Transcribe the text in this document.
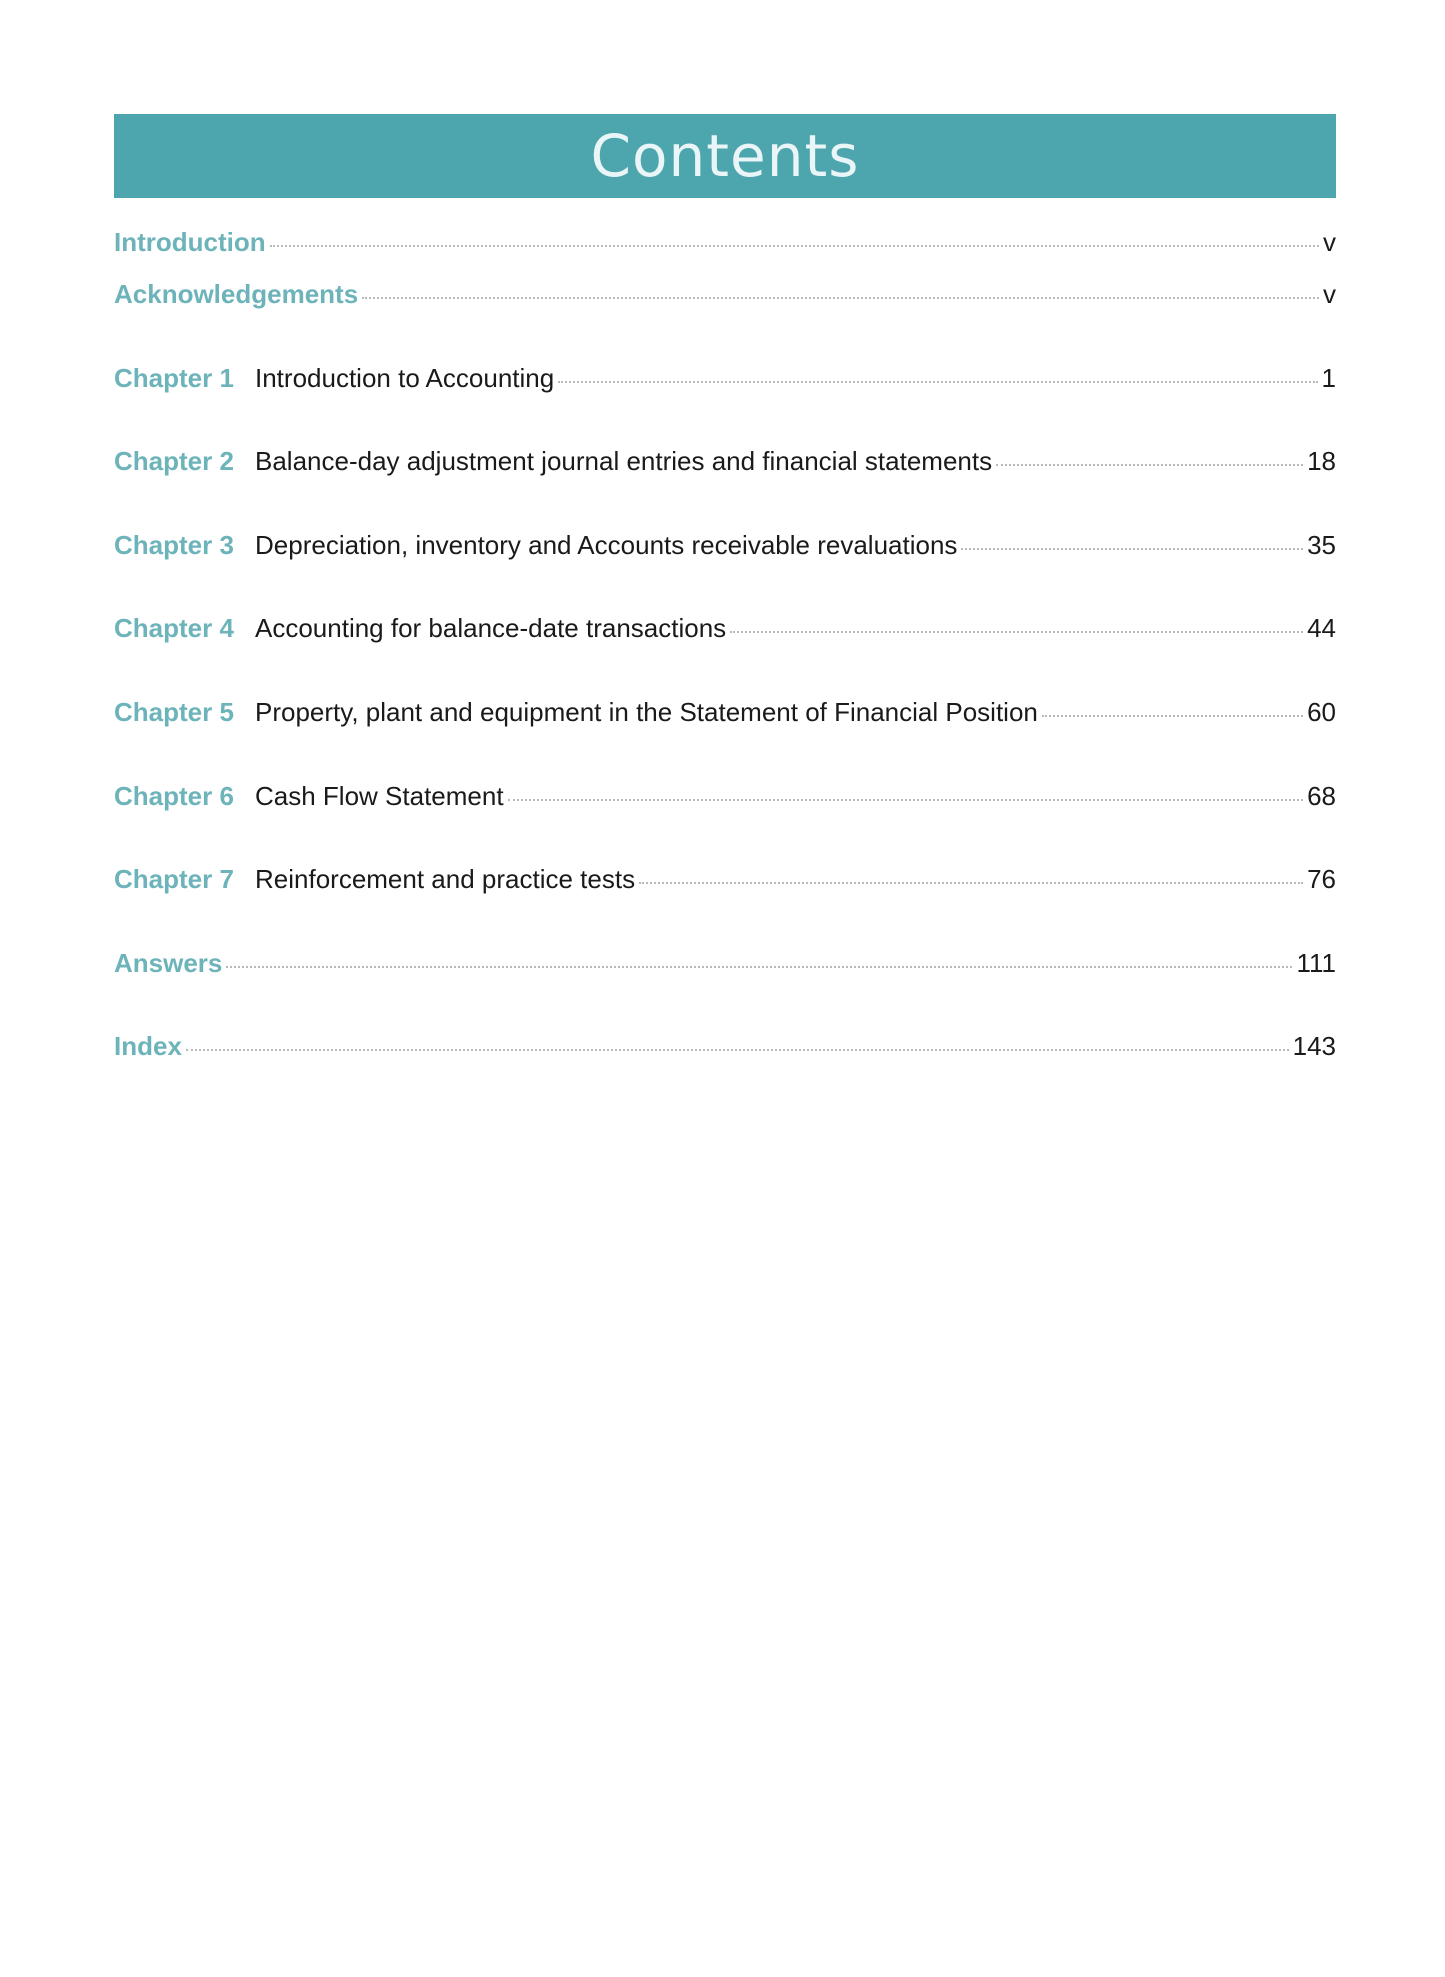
Contents
Introduction	v
Acknowledgements	v
Chapter 1 Introduction to Accounting	1
Chapter 2 Balance-day adjustment journal entries and financial statements	18
Chapter 3 Depreciation, inventory and Accounts receivable revaluations	35
Chapter 4 Accounting for balance-date transactions	44
Chapter 5 Property, plant and equipment in the Statement of Financial Position	60
Chapter 6 Cash Flow Statement	68
Chapter 7 Reinforcement and practice tests	76
Answers	111
Index	143
